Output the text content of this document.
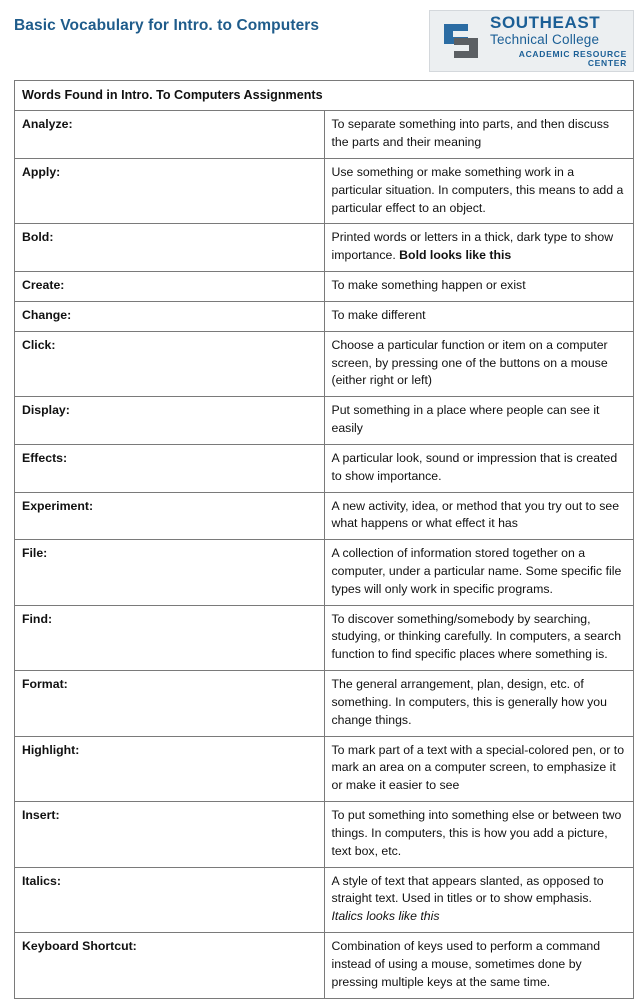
Basic Vocabulary for Intro. to Computers	SOUTHEAST
Technical College
ACADEMIC RESOURCE CENTER
Words Found in Intro. To Computers Assignments	
Analyze:	To separate something into parts, and then discuss the parts and their meaning
Apply:	Use something or make something work in a particular situation. In computers, this means to add a particular effect to an object.
Bold:	Printed words or letters in a thick, dark type to show importance. Bold looks like this
Create:	To make something happen or exist
Change:	To make different
Click:	Choose a particular function or item on a computer screen, by pressing one of the buttons on a mouse (either right or left)
Display:	Put something in a place where people can see it easily
Effects:	A particular look, sound or impression that is created to show importance.
Experiment:	A new activity, idea, or method that you try out to see what happens or what effect it has
File:	A collection of information stored together on a computer, under a particular name. Some specific file types will only work in specific programs.
Find:	To discover something/somebody by searching, studying, or thinking carefully. In computers, a search function to find specific places where something is.
Format:	The general arrangement, plan, design, etc. of something. In computers, this is generally how you change things.
Highlight:	To mark part of a text with a special-colored pen, or to mark an area on a computer screen, to emphasize it or make it easier to see
Insert:	To put something into something else or between two things. In computers, this is how you add a picture, text box, etc.
Italics:	A style of text that appears slanted, as opposed to straight text. Used in titles or to show emphasis. Italics looks like this
Keyboard Shortcut:	Combination of keys used to perform a command instead of using a mouse, sometimes done by pressing multiple keys at the same time.
